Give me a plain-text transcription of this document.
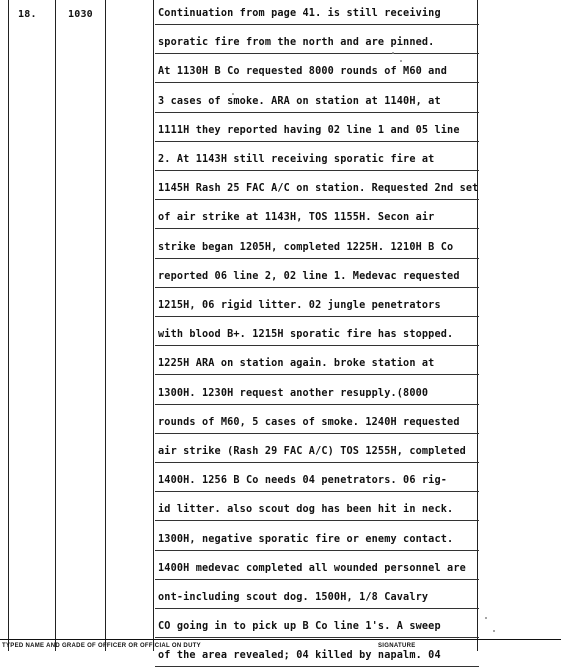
18.	1030	Continuation from page 41. is still receiving
sporatic fire from the north and are pinned.
At 1130H B Co requested 8000 rounds of M60 and
3 cases of smoke. ARA on station at 1140H, at
1111H they reported having 02 line 1 and 05 line
2. At 1143H still receiving sporatic fire at
1145H Rash 25 FAC A/C on station. Requested 2nd set
of air strike at 1143H, TOS 1155H. Secon air
strike began 1205H, completed 1225H. 1210H B Co
reported 06 line 2, 02 line 1. Medevac requested
1215H, 06 rigid litter. 02 jungle penetrators
with blood B+. 1215H sporatic fire has stopped.
1225H ARA on station again. broke station at
1300H. 1230H request another resupply.(8000
rounds of M60, 5 cases of smoke. 1240H requested
air strike (Rash 29 FAC A/C) TOS 1255H, completed
1400H. 1256 B Co needs 04 penetrators. 06 rig-
id litter. also scout dog has been hit in neck.
1300H, negative sporatic fire or enemy contact.
1400H medevac completed all wounded personnel are
ont-including scout dog. 1500H, 1/8 Cavalry
CO going in to pick up B Co line 1's. A sweep
of the area revealed; 04 killed by napalm. 04
TYPED NAME AND GRADE OF OFFICER OR OFFICIAL ON DUTY	SIGNATURE
